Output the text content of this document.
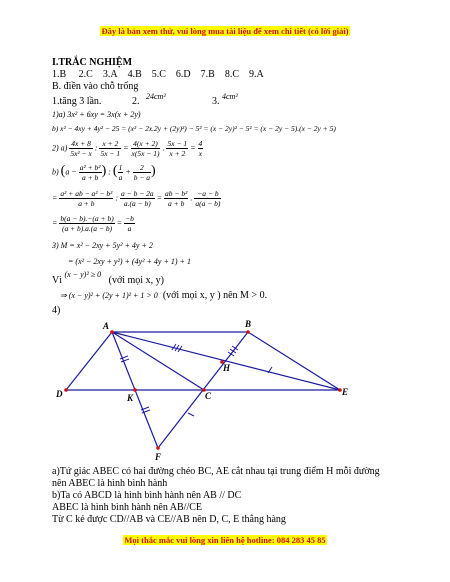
Đây là bản xem thử, vui lòng mua tài liệu để xem chi tiết (có lời giải)
Mọi thắc mắc vui lòng xin liên hệ hotline: 084 283 45 85
I.TRẮC NGHIỆM
1.B 2.C 3.A 4.B 5.C 6.D 7.B 8.C 9.A
B. điền vào chỗ trống
1.tăng 3 lần.	2. 24cm²	3. 4cm²
1)a) 3x² + 6xy = 3x(x + 2y)
b) x² − 4xy + 4y² − 25 = (x² − 2x.2y + (2y)²) − 5² = (x − 2y)² − 5² = (x − 2y − 5).(x − 2y + 5)
2) $a) \frac{4x + 8}{\text{5x² − x}}$ : $\frac{x + 2}{5x - 1} = \frac{4(x + 2)}{x(5x - 1)}$ . $\frac{5x - 1}{x + 2} = \frac{4}{x}$
b) ($a - \frac{\text{a² + b²}}{a + b}$ ) : ( $\frac{1}{a} + \frac{2}{b - a}$ )
= $\frac{\text{a² + ab − a² − b²}}{a + b}$ : $\frac{a - b - 2a}{a.(a - b)} = \frac{\text{ab − b²}}{a + b}$ . $\frac{-a - b}{a(a - b)}$
= $\frac{b(a - b).-(a + b)}{(a + b).a.(a - b)} = \frac{-b}{a}$
3) M = x² − 2xy + 5y² + 4y + 2
= (x² − 2xy + y²) + (4y² + 4y + 1) + 1
Vì $^{(x - y)^2 \ge 0}$   (với mọi x, y)
⇒ (x − y)² + (2y + 1)² + 1 > 0 (với mọi x, y ) nên M > 0.
4)
A	B
D	K	C
H
E
F
a)Tứ giác ABEC có hai đường chéo BC, AE cắt nhau tại trung điểm H mỗi đường
nên ABEC là hình bình hành
b)Ta có ABCD là hình bình hành nên AB // DC
ABEC là hình bình hành nên AB//CE
Từ C kẻ được CD//AB và CE//AB nên D, C, E thẳng hàng
